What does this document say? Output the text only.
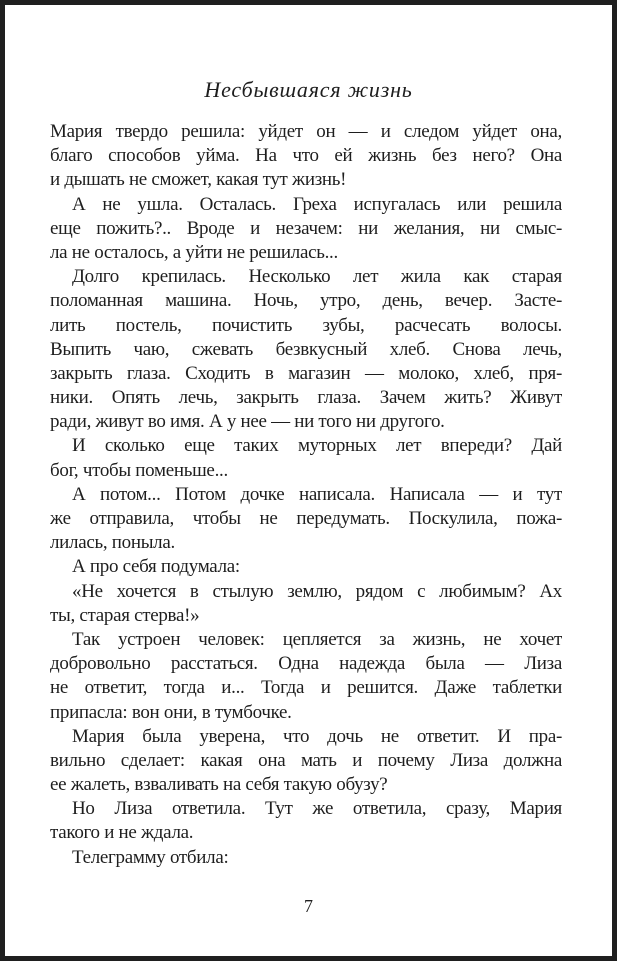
Несбывшаяся жизнь

Мария твердо решила: уйдет он — и следом уйдет она,
благо способов уйма. На что ей жизнь без него? Она
и дышать не сможет, какая тут жизнь!

А не ушла. Осталась. Греха испугалась или решила
еще пожить?.. Вроде и незачем: ни желания, ни смыс-
ла не осталось, а уйти не решилась...

Долго крепилась. Несколько лет жила как старая
поломанная машина. Ночь, утро, день, вечер. Засте-
лить постель, почистить зубы, расчесать волосы.
Выпить чаю, сжевать безвкусный хлеб. Снова лечь,
закрыть глаза. Сходить в магазин — молоко, хлеб, пря-
ники. Опять лечь, закрыть глаза. Зачем жить? Живут
ради, живут во имя. А у нее — ни того ни другого.

И сколько еще таких муторных лет впереди? Дай
бог, чтобы поменьше...

А потом... Потом дочке написала. Написала — и тут
же отправила, чтобы не передумать. Поскулила, пожа-
лилась, поныла.

А про себя подумала:

«Не хочется в стылую землю, рядом с любимым? Ах
ты, старая стерва!»

Так устроен человек: цепляется за жизнь, не хочет
добровольно расстаться. Одна надежда была — Лиза
не ответит, тогда и... Тогда и решится. Даже таблетки
припасла: вон они, в тумбочке.

Мария была уверена, что дочь не ответит. И пра-
вильно сделает: какая она мать и почему Лиза должна
ее жалеть, взваливать на себя такую обузу?

Но Лиза ответила. Тут же ответила, сразу, Мария
такого и не ждала.

Телеграмму отбила:

7
